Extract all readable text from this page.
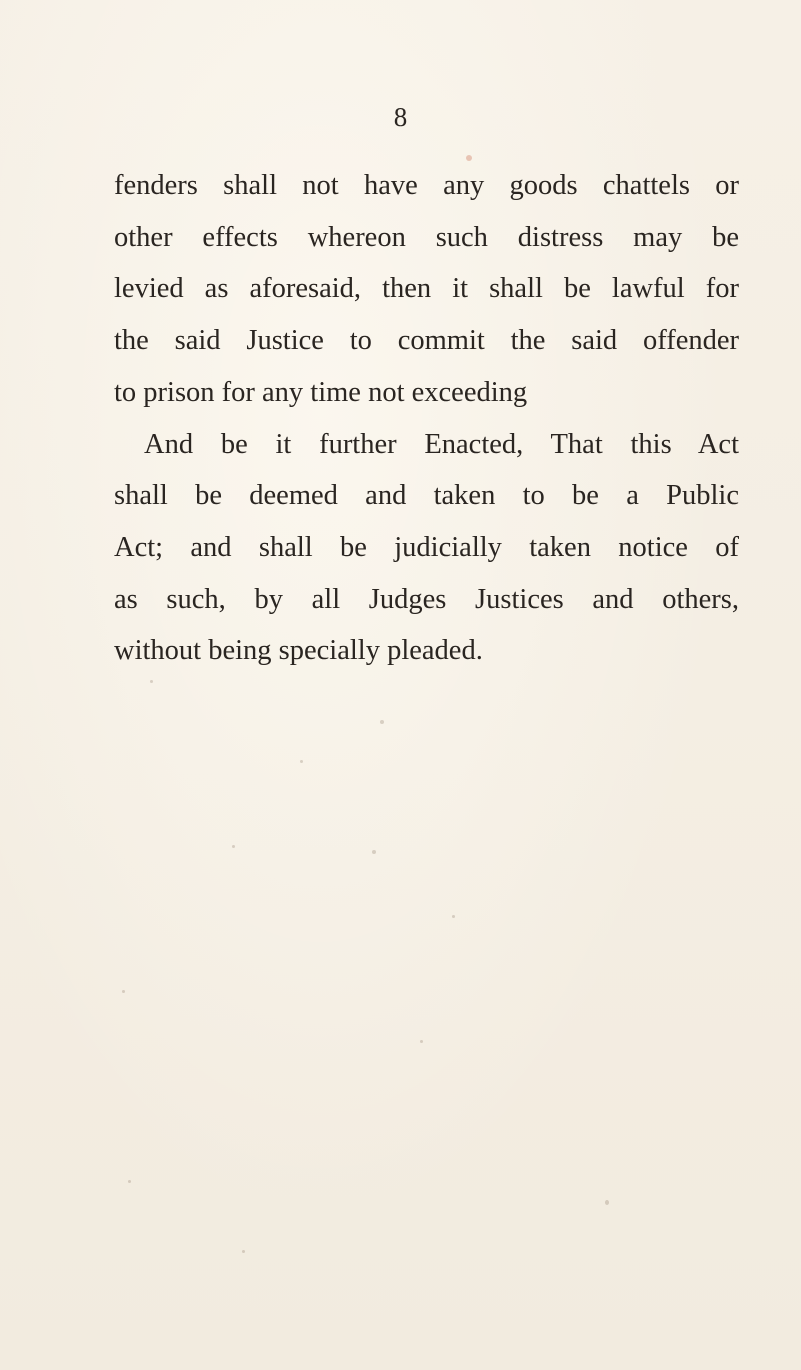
8

fenders shall not have any goods chattels or
other effects whereon such distress may be
levied as aforesaid, then it shall be lawful for
the said Justice to commit the said offender
to prison for any time not exceeding
And be it further Enacted, That this Act
shall be deemed and taken to be a Public
Act; and shall be judicially taken notice of
as such, by all Judges Justices and others,
without being specially pleaded.
